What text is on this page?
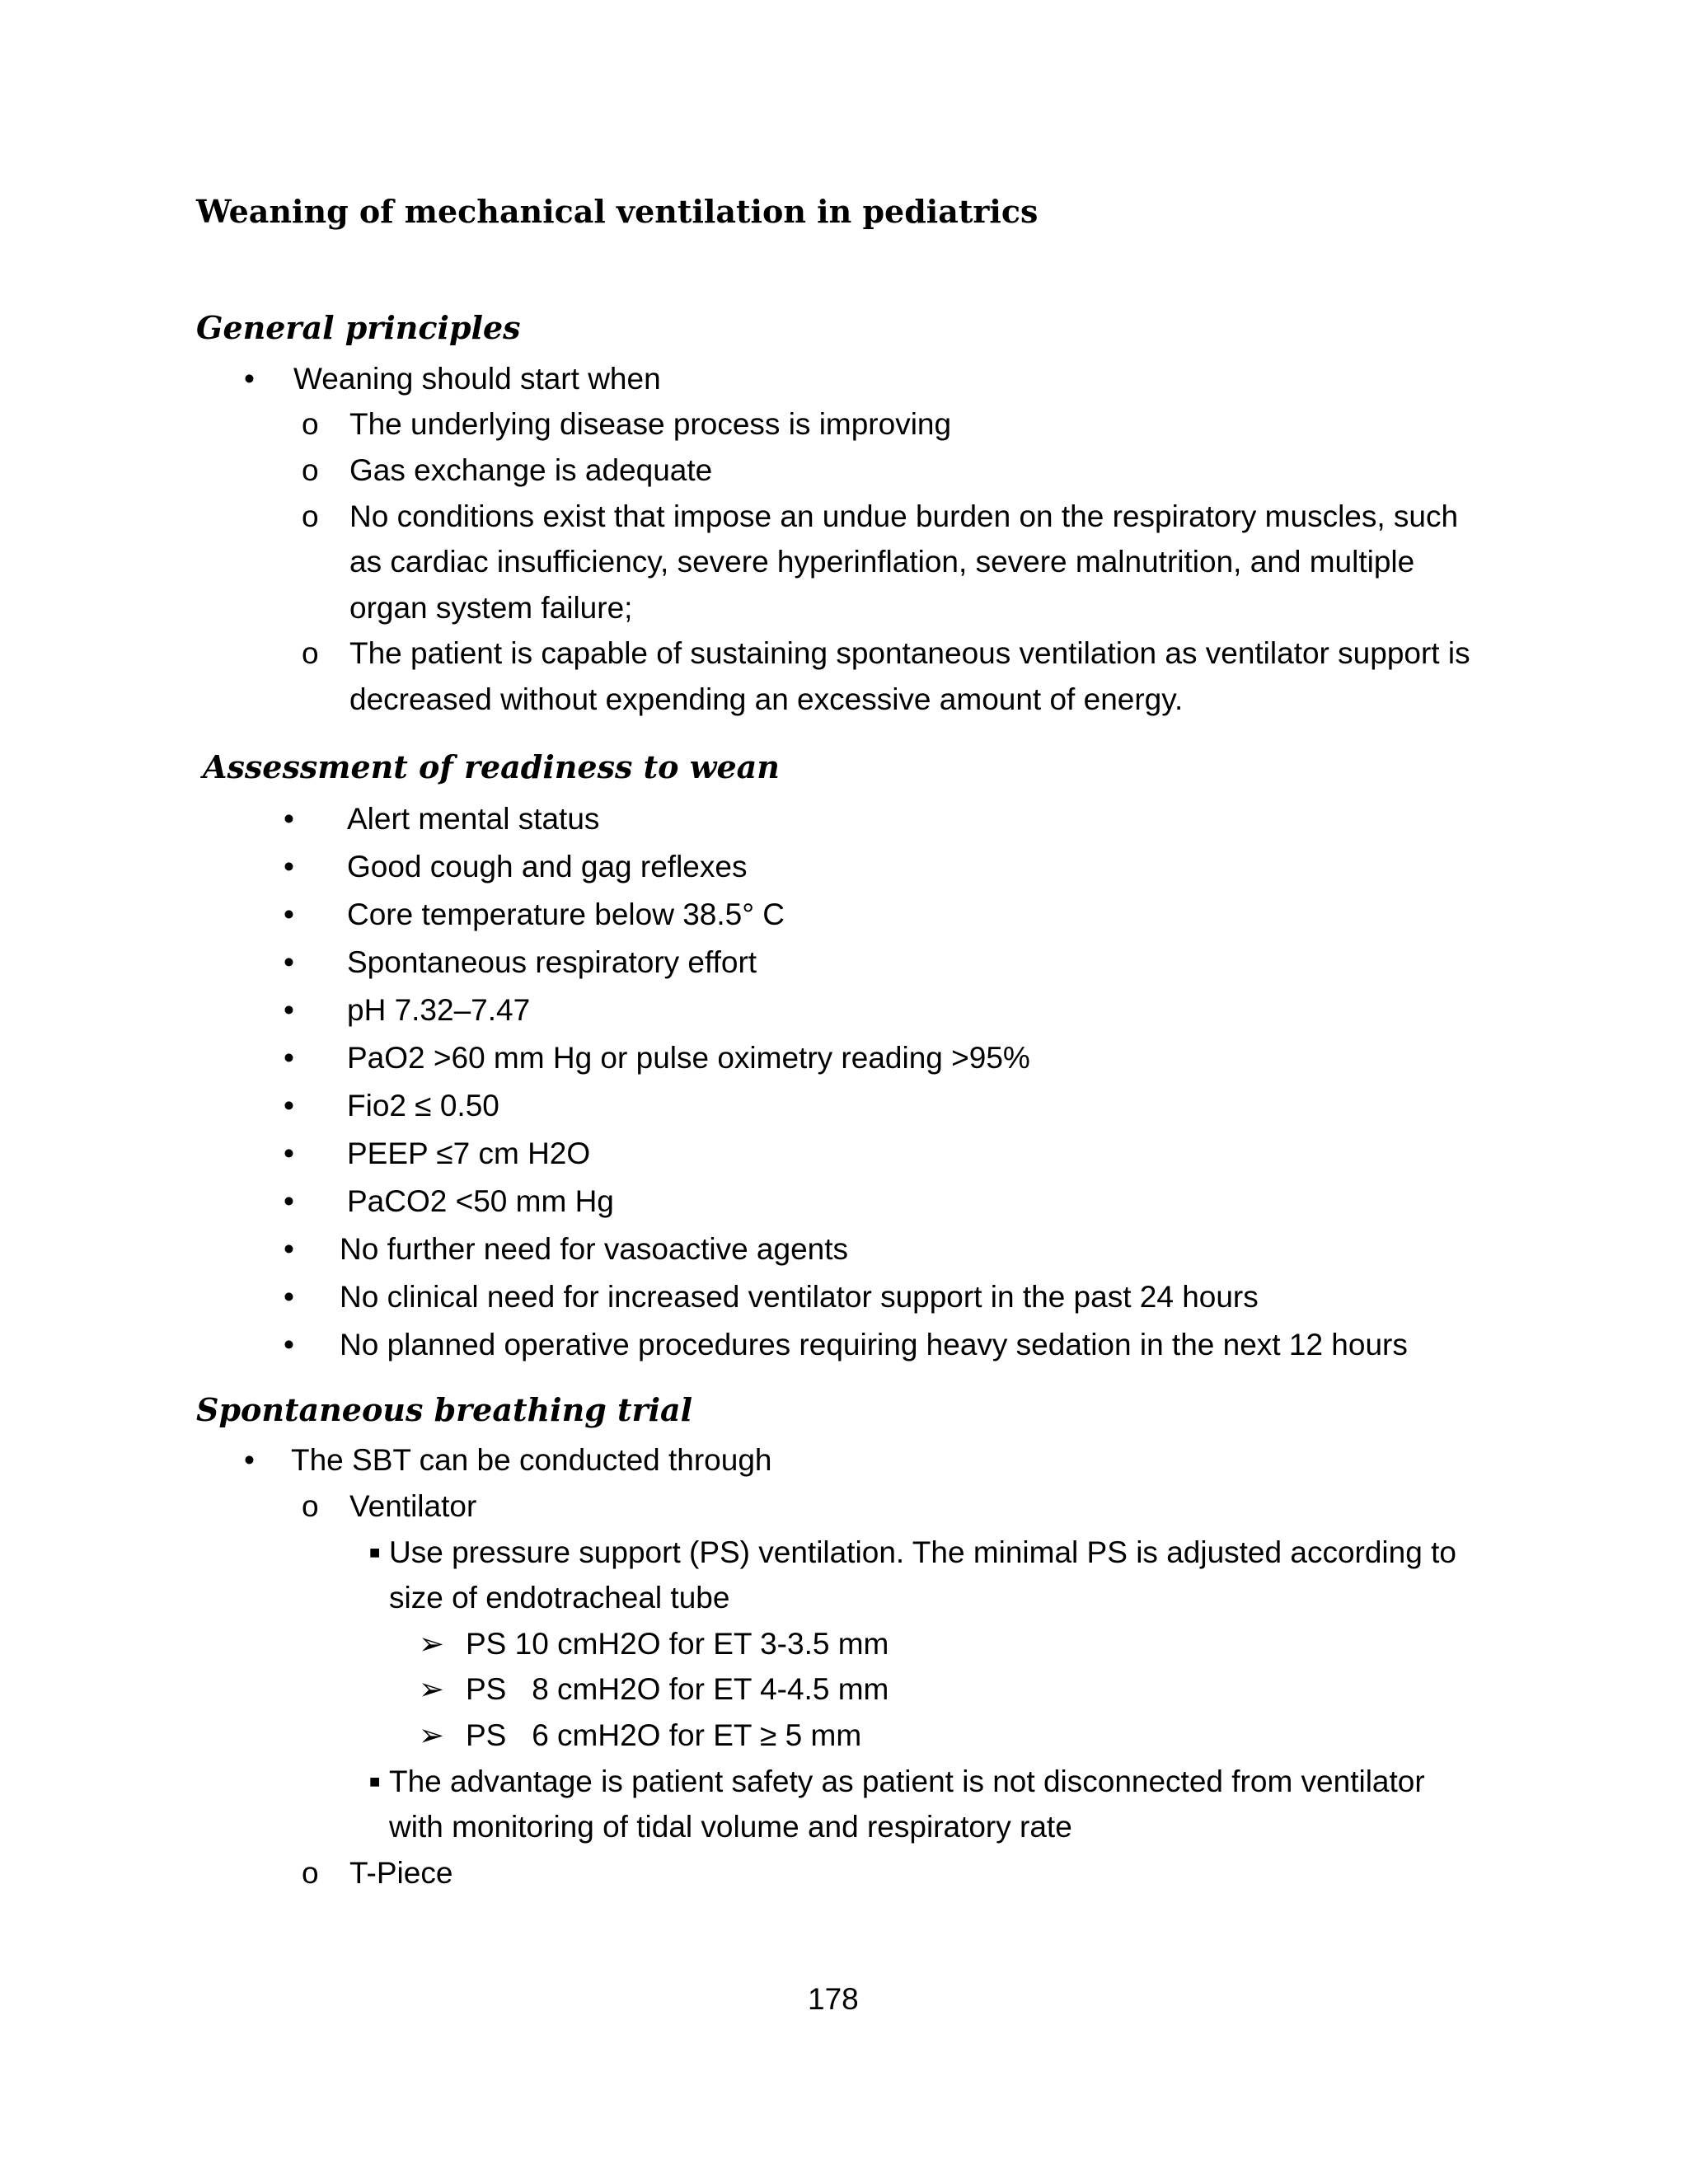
Weaning of mechanical ventilation in pediatrics
General principles
• Weaning should start when
o The underlying disease process is improving
o Gas exchange is adequate
o No conditions exist that impose an undue burden on the respiratory muscles, such
as cardiac insufficiency, severe hyperinflation, severe malnutrition, and multiple
organ system failure;
o The patient is capable of sustaining spontaneous ventilation as ventilator support is
decreased without expending an excessive amount of energy.
Assessment of readiness to wean
• Alert mental status
• Good cough and gag reflexes
• Core temperature below 38.5° C
• Spontaneous respiratory effort
• pH 7.32–7.47
• PaO2 >60 mm Hg or pulse oximetry reading >95%
• Fio2 ≤ 0.50
• PEEP ≤7 cm H2O
• PaCO2 <50 mm Hg
• No further need for vasoactive agents
• No clinical need for increased ventilator support in the past 24 hours
• No planned operative procedures requiring heavy sedation in the next 12 hours
Spontaneous breathing trial
• The SBT can be conducted through
o Ventilator
■ Use pressure support (PS) ventilation. The minimal PS is adjusted according to
size of endotracheal tube
➢ PS 10 cmH2O for ET 3-3.5 mm
➢ PS   8 cmH2O for ET 4-4.5 mm
➢ PS   6 cmH2O for ET ≥ 5 mm
■ The advantage is patient safety as patient is not disconnected from ventilator
with monitoring of tidal volume and respiratory rate
o T-Piece
178
